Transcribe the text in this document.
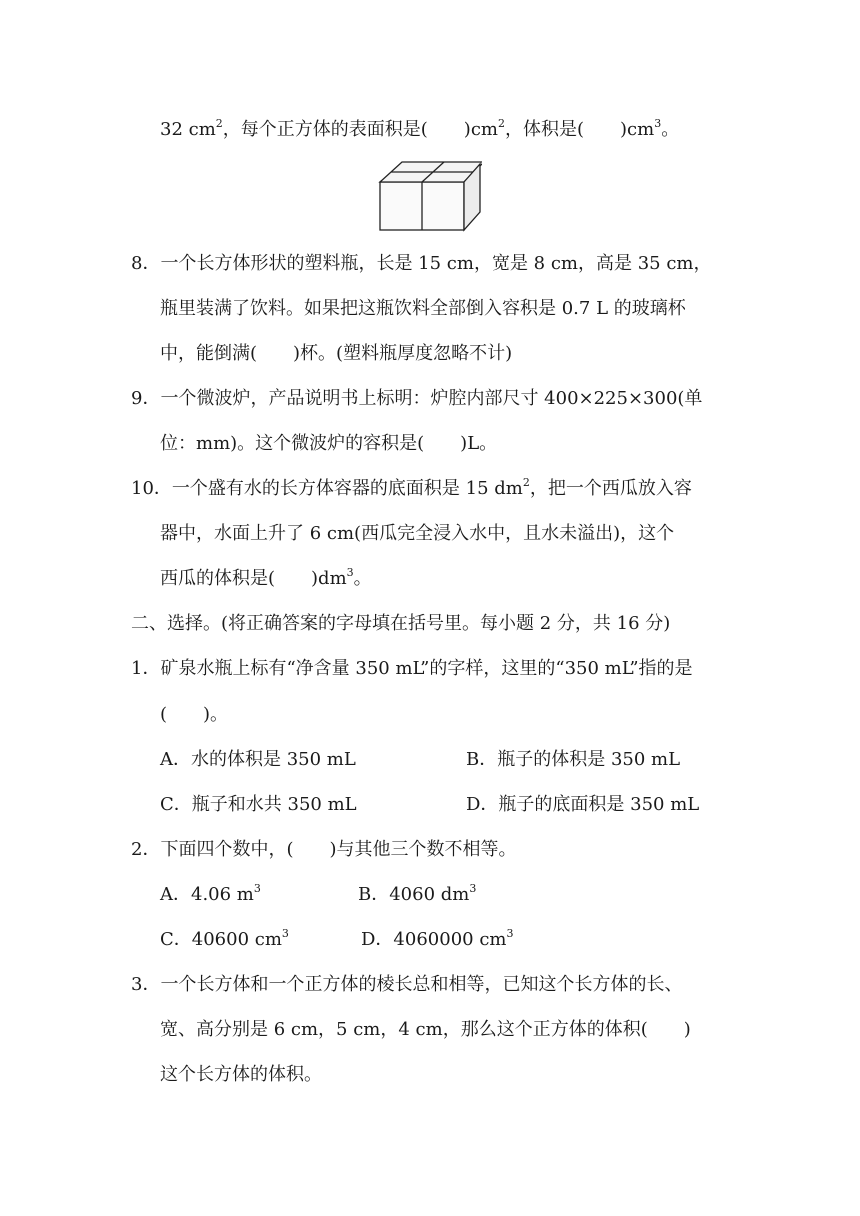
32 $cm^2$，每个正方体的表面积是(　　)$cm^2$，体积是(　　)$cm^3$。
8．一个长方体形状的塑料瓶，长是 15 cm，宽是 8 cm，高是 35 cm，
瓶里装满了饮料。如果把这瓶饮料全部倒入容积是 0.7 L 的玻璃杯
中，能倒满(　　)杯。(塑料瓶厚度忽略不计)
9．一个微波炉，产品说明书上标明：炉腔内部尺寸 400×225×300(单
位：mm)。这个微波炉的容积是(　　)L。
10．一个盛有水的长方体容器的底面积是 15 $dm^2$，把一个西瓜放入容
器中，水面上升了 6 cm(西瓜完全浸入水中，且水未溢出)，这个
西瓜的体积是(　　)$dm^3$。
二、选择。(将正确答案的字母填在括号里。每小题 2 分，共 16 分)
1．矿泉水瓶上标有“净含量 350 mL”的字样，这里的“350 mL”指的是
(　　)。
A．水的体积是 350 mL	B．瓶子的体积是 350 mL
C．瓶子和水共 350 mL	D．瓶子的底面积是 350 mL
2．下面四个数中，(　　)与其他三个数不相等。
A．4.06 $m^3$	B．4060 $dm^3$
C．40600 $cm^3$	D．4060000 $cm^3$
3．一个长方体和一个正方体的棱长总和相等，已知这个长方体的长、
宽、高分别是 6 cm，5 cm，4 cm，那么这个正方体的体积(　　)
这个长方体的体积。
